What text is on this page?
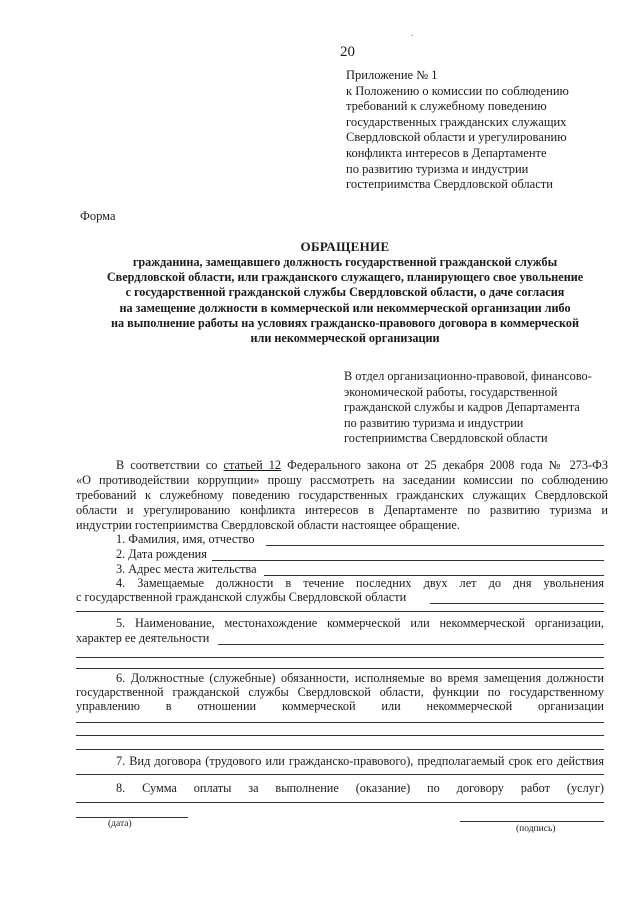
.
20
Приложение № 1
к Положению о комиссии по соблюдению
требований к служебному поведению
государственных гражданских служащих
Свердловской области и урегулированию
конфликта интересов в Департаменте
по развитию туризма и индустрии
гостеприимства Свердловской области
Форма
ОБРАЩЕНИЕ
гражданина, замещавшего должность государственной гражданской службы
Свердловской области, или гражданского служащего, планирующего свое увольнение
с государственной гражданской службы Свердловской области, о даче согласия
на замещение должности в коммерческой или некоммерческой организации либо
на выполнение работы на условиях гражданско-правового договора в коммерческой
или некоммерческой организации
В отдел организационно-правовой, финансово-
экономической работы, государственной
гражданской службы и кадров Департамента
по развитию туризма и индустрии
гостеприимства Свердловской области
В соответствии со статьей 12 Федерального закона от 25 декабря 2008 года № 273-ФЗ
«О противодействии коррупции» прошу рассмотреть на заседании комиссии по соблюдению
требований к служебному поведению государственных гражданских служащих Свердловской
области и урегулированию конфликта интересов в Департаменте по развитию туризма и
индустрии гостеприимства Свердловской области настоящее обращение.
1. Фамилия, имя, отчество
2. Дата рождения
3. Адрес места жительства
4. Замещаемые должности в течение последних двух лет до дня увольнения
с государственной гражданской службы Свердловской области
5. Наименование, местонахождение коммерческой или некоммерческой организации,
характер ее деятельности
6. Должностные (служебные) обязанности, исполняемые во время замещения должности
государственной гражданской службы Свердловской области, функции по государственному
управлению в отношении коммерческой или некоммерческой организации
7. Вид договора (трудового или гражданско-правового), предполагаемый срок его действия
8. Сумма оплаты за выполнение (оказание) по договору работ (услуг)
(дата)	(подпись)
